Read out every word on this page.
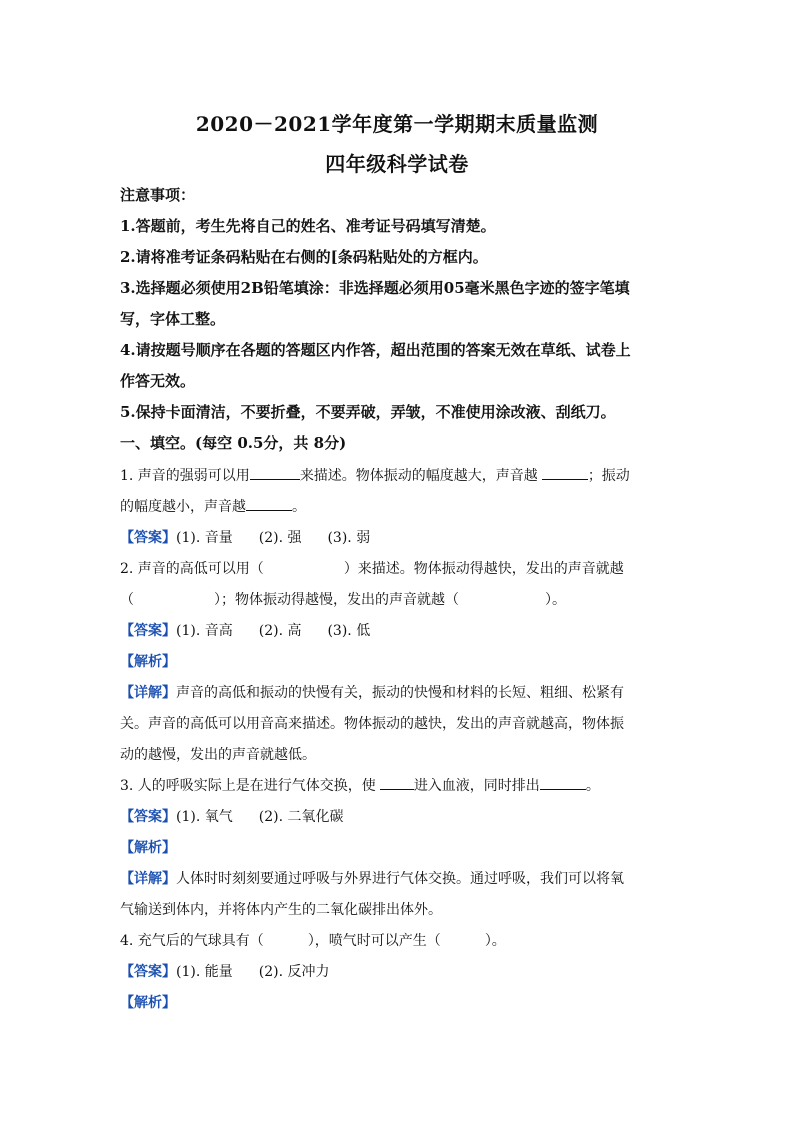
2020－2021学年度第一学期期末质量监测
四年级科学试卷

注意事项：

1.答题前，考生先将自己的姓名、准考证号码填写清楚。

2.请将准考证条码粘贴在右侧的[条码粘贴处的方框内。

3.选择题必须使用2B铅笔填涂：非选择题必须用05毫米黑色字迹的签字笔填

写，字体工整。

4.请按题号顺序在各题的答题区内作答，超出范围的答案无效在草纸、试卷上

作答无效。

5.保持卡面清洁，不要折叠，不要弄破，弄皱，不准使用涂改液、刮纸刀。

一、填空。(每空 0.5分，共 8分)

1. 声音的强弱可以用	来描述。物体振动的幅度越大，声音越	；振动

的幅度越小，声音越	。

【答案】(1). 音量 (2). 强 (3). 弱

2. 声音的高低可以用（	）来描述。物体振动得越快，发出的声音就越

（	）；物体振动得越慢，发出的声音就越（	）。

【答案】(1). 音高 (2). 高 (3). 低

【解析】

【详解】声音的高低和振动的快慢有关，振动的快慢和材料的长短、粗细、松紧有

关。声音的高低可以用音高来描述。物体振动的越快，发出的声音就越高，物体振

动的越慢，发出的声音就越低。

3. 人的呼吸实际上是在进行气体交换，使	进入血液，同时排出	。

【答案】(1). 氧气 (2). 二氧化碳

【解析】

【详解】人体时时刻刻要通过呼吸与外界进行气体交换。通过呼吸，我们可以将氧

气输送到体内，并将体内产生的二氧化碳排出体外。

4. 充气后的气球具有（	），喷气时可以产生（	）。

【答案】(1). 能量 (2). 反冲力

【解析】
